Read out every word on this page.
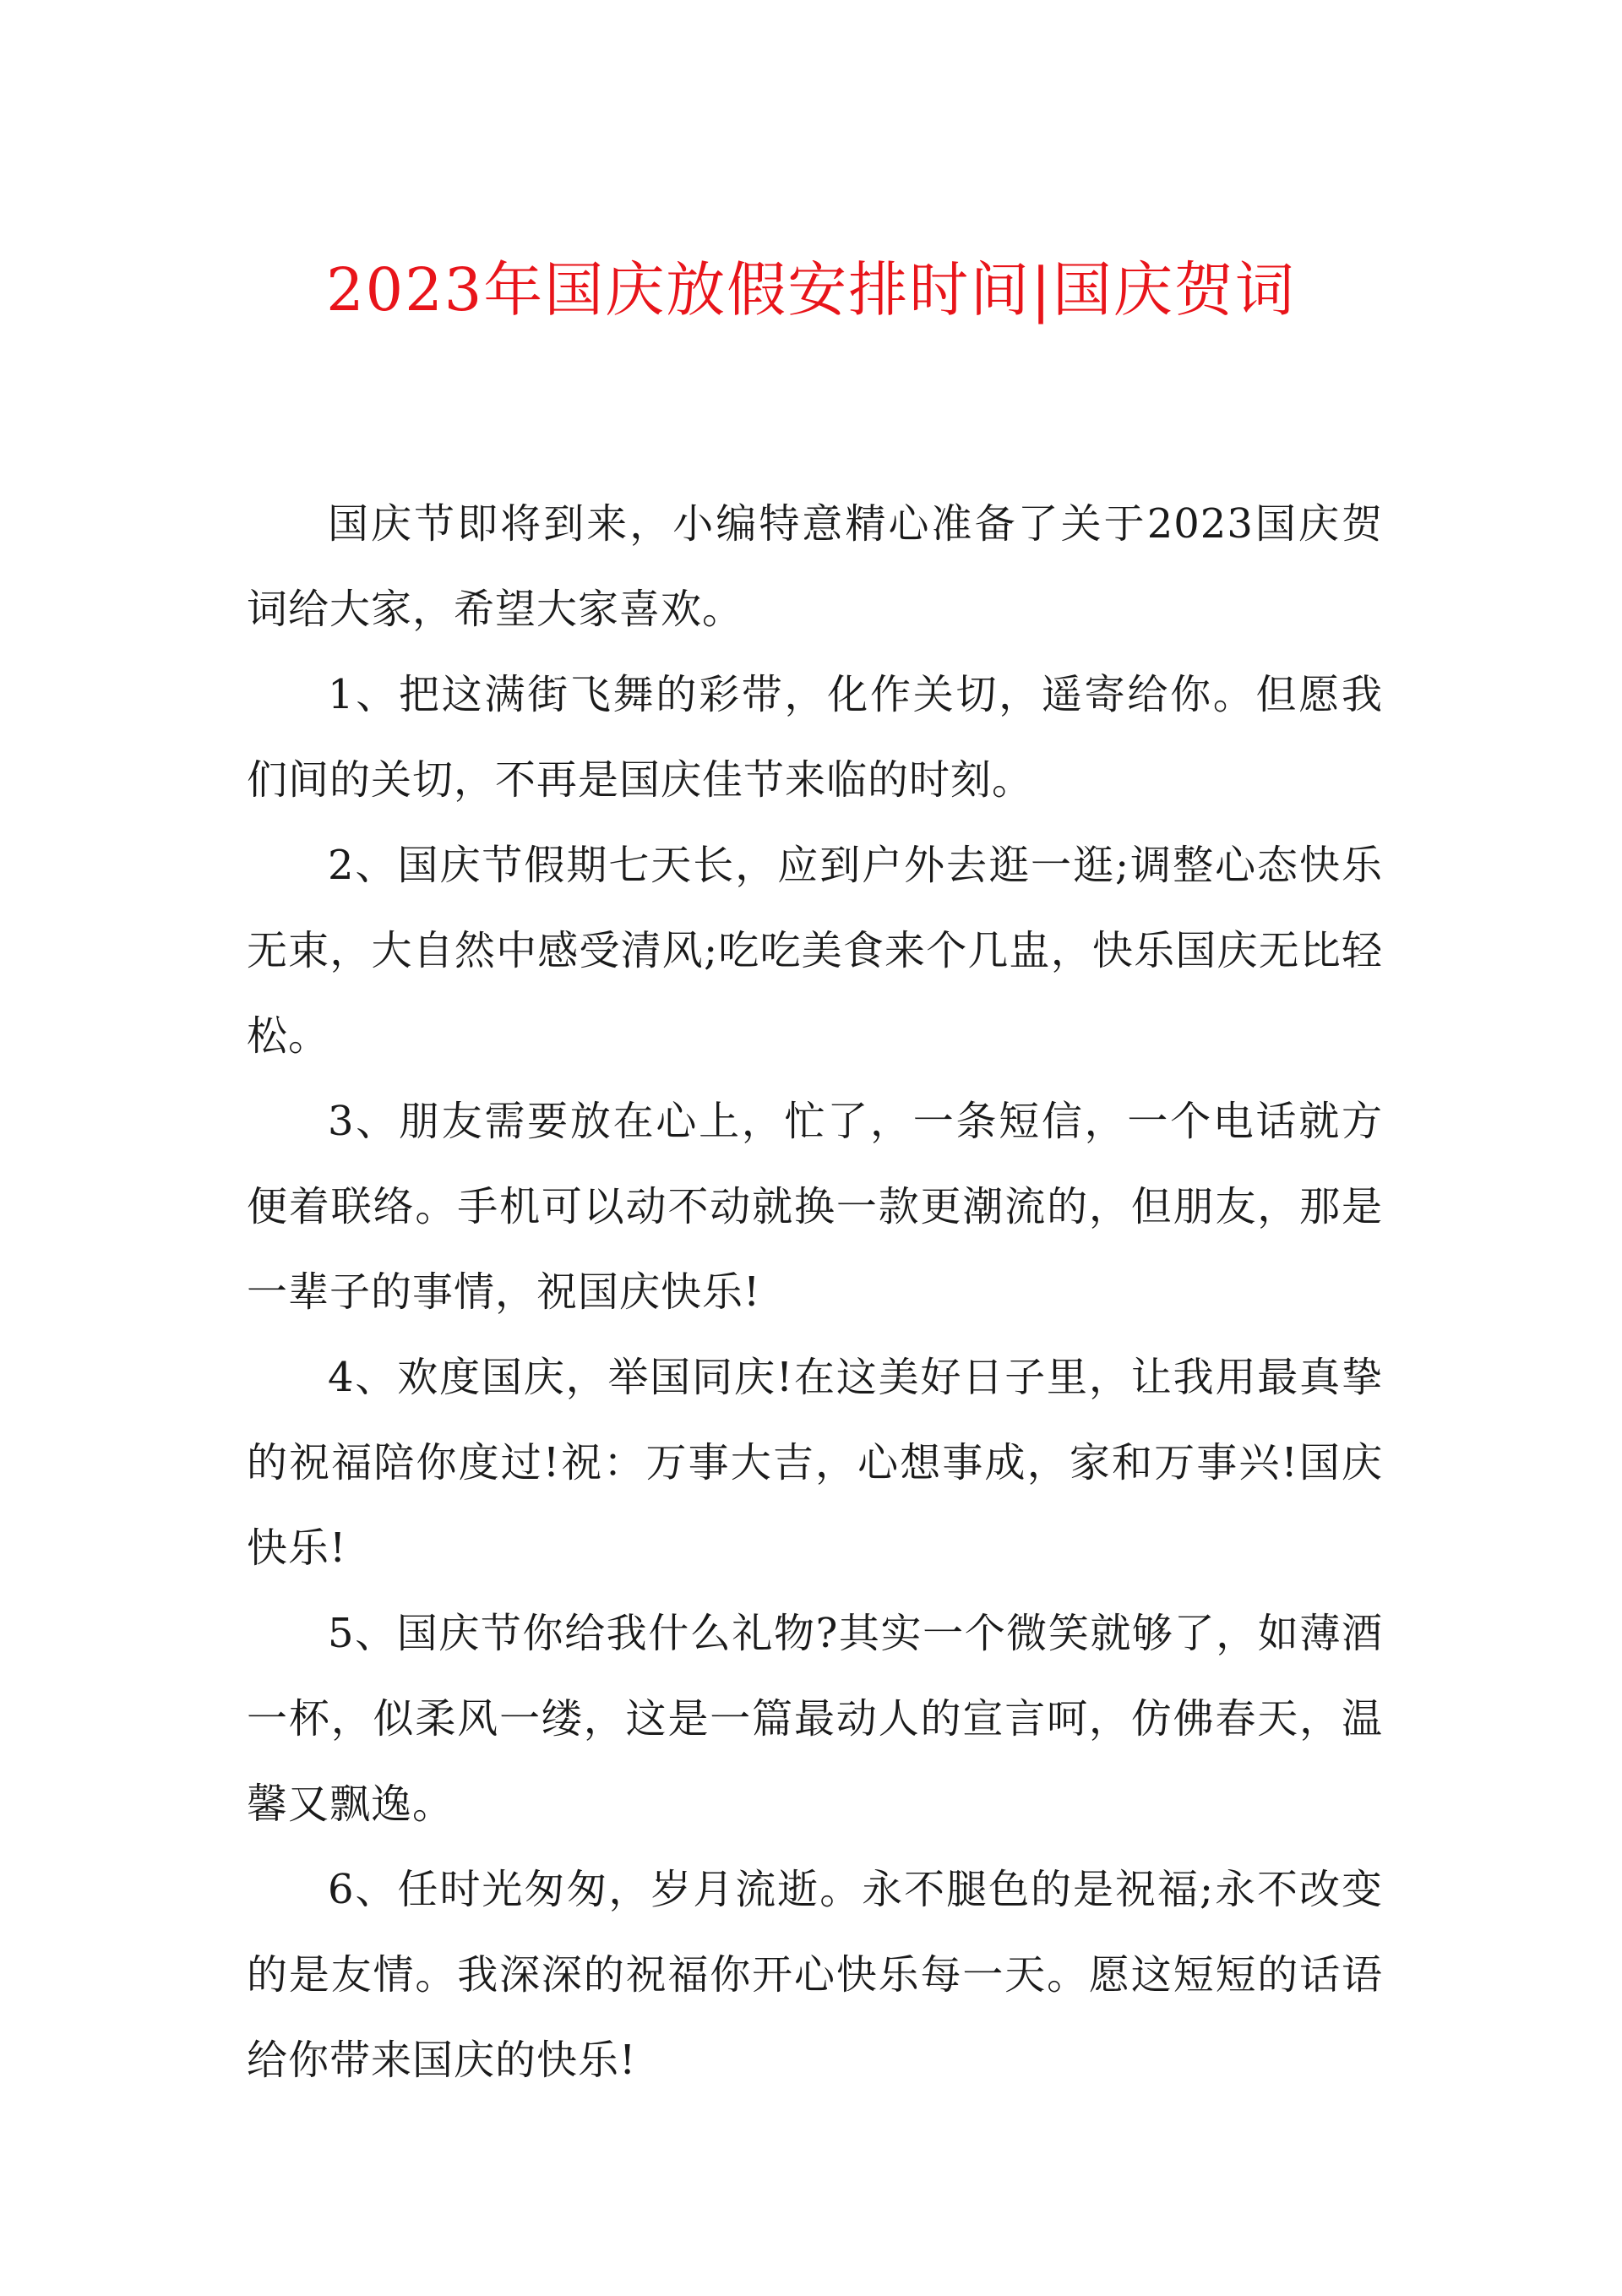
2023年国庆放假安排时间|国庆贺词

国庆节即将到来，小编特意精心准备了关于2023国庆贺词给大家，希望大家喜欢。

1、把这满街飞舞的彩带，化作关切，遥寄给你。但愿我们间的关切，不再是国庆佳节来临的时刻。

2、国庆节假期七天长，应到户外去逛一逛;调整心态快乐无束，大自然中感受清风;吃吃美食来个几盅，快乐国庆无比轻松。

3、朋友需要放在心上，忙了，一条短信，一个电话就方便着联络。手机可以动不动就换一款更潮流的，但朋友，那是一辈子的事情，祝国庆快乐!

4、欢度国庆，举国同庆!在这美好日子里，让我用最真挚的祝福陪你度过!祝：万事大吉，心想事成，家和万事兴!国庆快乐!

5、国庆节你给我什么礼物?其实一个微笑就够了，如薄酒一杯，似柔风一缕，这是一篇最动人的宣言呵，仿佛春天，温馨又飘逸。

6、任时光匆匆，岁月流逝。永不腿色的是祝福;永不改变的是友情。我深深的祝福你开心快乐每一天。愿这短短的话语给你带来国庆的快乐!
